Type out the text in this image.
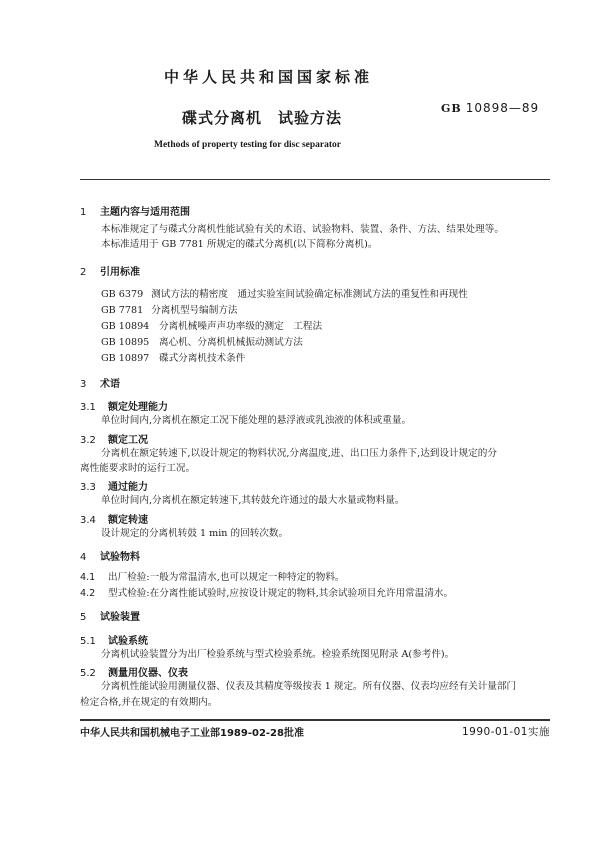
中华人民共和国国家标准
GB 10898—89
碟式分离机　试验方法
Methods of property testing for disc separator
1 主题内容与适用范围
本标准规定了与碟式分离机性能试验有关的术语、试验物料、装置、条件、方法、结果处理等。
本标准适用于 GB 7781 所规定的碟式分离机(以下简称分离机)。
2 引用标准
GB 6379 测试方法的精密度　通过实验室间试验确定标准测试方法的重复性和再现性
GB 7781 分离机型号编制方法
GB 10894 分离机械噪声声功率级的测定　工程法
GB 10895 离心机、分离机机械振动测试方法
GB 10897 碟式分离机技术条件
3 术语
3.1 额定处理能力
单位时间内,分离机在额定工况下能处理的悬浮液或乳浊液的体积或重量。
3.2 额定工况
分离机在额定转速下,以设计规定的物料状况,分离温度,进、出口压力条件下,达到设计规定的分
离性能要求时的运行工况。
3.3 通过能力
单位时间内,分离机在额定转速下,其转鼓允许通过的最大水量或物料量。
3.4 额定转速
设计规定的分离机转鼓 1 min 的回转次数。
4 试验物料
4.1 出厂检验:一般为常温清水,也可以规定一种特定的物料。
4.2 型式检验:在分离性能试验时,应按设计规定的物料,其余试验项目允许用常温清水。
5 试验装置
5.1 试验系统
分离机试验装置分为出厂检验系统与型式检验系统。检验系统图见附录 A(参考件)。
5.2 测量用仪器、仪表
分离机性能试验用测量仪器、仪表及其精度等级按表 1 规定。所有仪器、仪表均应经有关计量部门
检定合格,并在规定的有效期内。
中华人民共和国机械电子工业部1989-02-28批准	1990-01-01实施
